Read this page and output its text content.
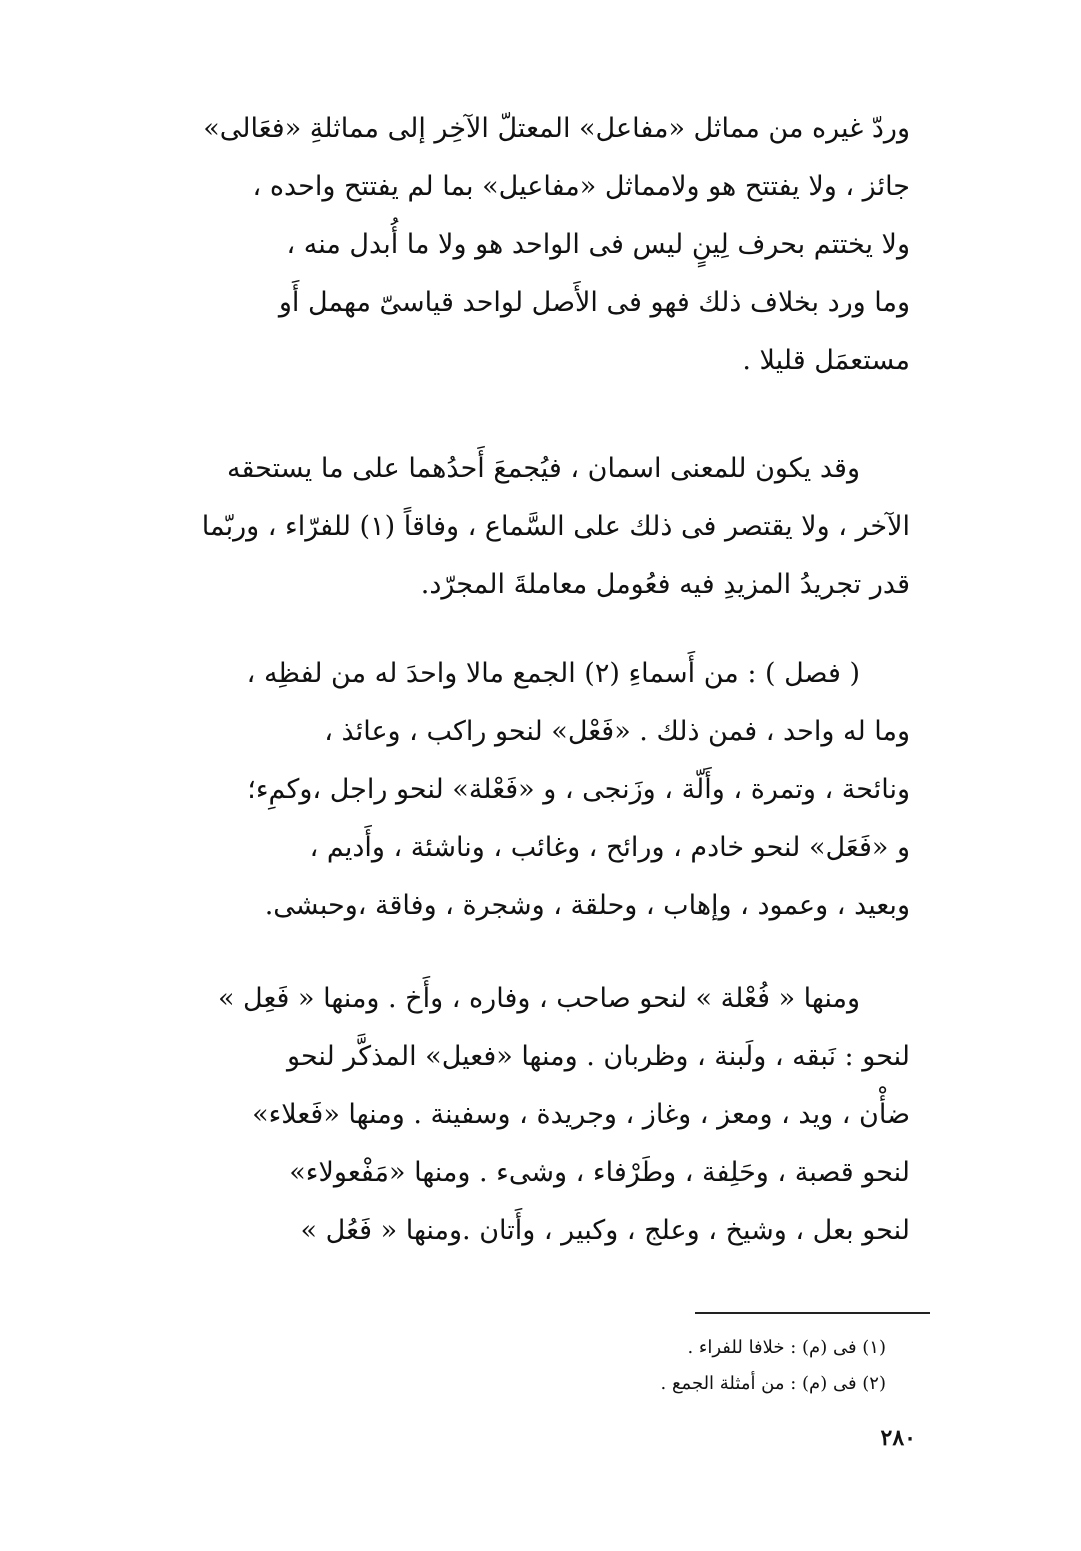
وردّ غيره من مماثل «مفاعل» المعتلّ الآخِر إلى مماثلةِ «فعَالى»
جائز ، ولا يفتتح هو ولامماثل «مفاعيل» بما لم يفتتح واحده ،
ولا يختتم بحرف لِينٍ ليس فى الواحد هو ولا ما أُبدل منه ،
وما ورد بخلاف ذلك فهو فى الأَصل لواحد قياسىّ مهمل أَو
مستعمَل قليلا .
وقد يكون للمعنى اسمان ، فيُجمعَ أَحدُهما على ما يستحقه
الآخر ، ولا يقتصر فى ذلك على السَّماع ، وفاقاً (١) للفرّاء ، وربّما
قدر تجريدُ المزيدِ فيه فعُومل معاملةَ المجرّد.
( فصل ) : من أَسماءِ (٢) الجمع مالا واحدَ له من لفظِه ،
وما له واحد ، فمن ذلك . «فَعْل» لنحو راكب ، وعائذ ،
ونائحة ، وتمرة ، وأَلّة ، وزَنجى ، و «فَعْلة» لنحو راجل ،وكمِء؛
و «فَعَل» لنحو خادم ، ورائح ، وغائب ، وناشئة ، وأَديم ،
وبعيد ، وعمود ، وإهاب ، وحلقة ، وشجرة ، وفاقة ،وحبشى.
ومنها « فُعْلة » لنحو صاحب ، وفاره ، وأَخ . ومنها « فَعِل »
لنحو : نَبقه ، ولَبنة ، وظربان . ومنها «فعيل» المذكَّر لنحو
ضأْن ، ويد ، ومعز ، وغاز ، وجريدة ، وسفينة . ومنها «فَعلاء»
لنحو قصبة ، وحَلِفة ، وطَرْفاء ، وشىء . ومنها «مَفْعولاء»
لنحو بعل ، وشيخ ، وعلج ، وكبير ، وأَتان .ومنها « فَعُل »
(١) فى (م) : خلافا للفراء .
(٢) فى (م) : من أمثلة الجمع .
٢٨٠
